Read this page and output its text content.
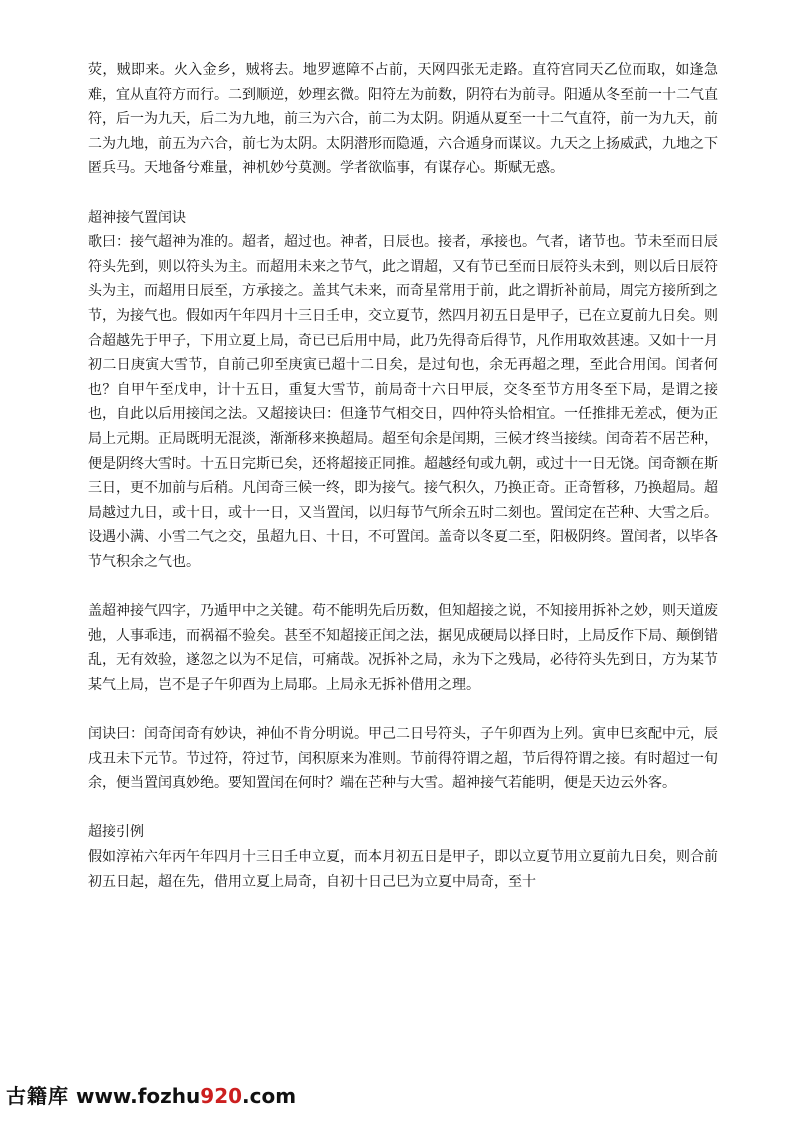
荧，贼即来。火入金乡，贼将去。地罗遮障不占前，天网四张无走路。直符宫同天乙位而取，如逢急难，宜从直符方而行。二到顺逆，妙理玄微。阳符左为前数，阴符右为前寻。阳遁从冬至前一十二气直符，后一为九天，后二为九地，前三为六合，前二为太阴。阴遁从夏至一十二气直符，前一为九天，前二为九地，前五为六合，前七为太阴。太阴潜形而隐遁，六合遁身而谋议。九天之上扬威武，九地之下匿兵马。天地备兮难量，神机妙兮莫测。学者欲临事，有谋存心。斯赋无惑。

超神接气置闰诀

歌曰：接气超神为准的。超者，超过也。神者，日辰也。接者，承接也。气者，诸节也。节未至而日辰符头先到，则以符头为主。而超用未来之节气，此之谓超，又有节已至而日辰符头未到，则以后日辰符头为主，而超用日辰至，方承接之。盖其气未来，而奇星常用于前，此之谓折补前局，周完方接所到之节，为接气也。假如丙午年四月十三日壬申，交立夏节，然四月初五日是甲子，已在立夏前九日矣。则合超越先于甲子，下用立夏上局，奇已已后用中局，此乃先得奇后得节，凡作用取效甚速。又如十一月初二日庚寅大雪节，自前己卯至庚寅已超十二日矣，是过旬也，余无再超之理，至此合用闰。闰者何也？自甲午至戊申，计十五日，重复大雪节，前局奇十六日甲辰，交冬至节方用冬至下局，是谓之接也，自此以后用接闰之法。又超接诀曰：但逢节气相交日，四仲符头恰相宜。一任推排无差忒，便为正局上元期。正局既明无混淡，渐渐移来换超局。超至旬余是闰期，三候才终当接续。闰奇若不居芒种，便是阴终大雪时。十五日完斯已矣，还将超接正同推。超越经旬或九朝，或过十一日无饶。闰奇额在斯三日，更不加前与后稍。凡闰奇三候一终，即为接气。接气积久，乃换正奇。正奇暂移，乃换超局。超局越过九日，或十日，或十一日，又当置闰，以归每节气所余五时二刻也。置闰定在芒种、大雪之后。设遇小满、小雪二气之交，虽超九日、十日，不可置闰。盖奇以冬夏二至，阳极阴终。置闰者，以毕各节气积余之气也。

盖超神接气四字，乃遁甲中之关键。苟不能明先后历数，但知超接之说，不知接用拆补之妙，则天道废弛，人事乖违，而祸福不验矣。甚至不知超接正闰之法，据见成硬局以择日时，上局反作下局、颠倒错乱，无有效验，遂忽之以为不足信，可痛哉。况拆补之局，永为下之残局，必待符头先到日，方为某节某气上局，岂不是子午卯酉为上局耶。上局永无拆补借用之理。

闰诀曰：闰奇闰奇有妙诀，神仙不肯分明说。甲己二日号符头，子午卯酉为上列。寅申巳亥配中元，辰戌丑未下元节。节过符，符过节，闰积原来为准则。节前得符谓之超，节后得符谓之接。有时超过一旬余，便当置闰真妙绝。要知置闰在何时？端在芒种与大雪。超神接气若能明，便是天边云外客。

超接引例

假如淳祐六年丙午年四月十三日壬申立夏，而本月初五日是甲子，即以立夏节用立夏前九日矣，则合前初五日起，超在先，借用立夏上局奇，自初十日己巳为立夏中局奇，至十

古籍库 www.fozhu920.com
